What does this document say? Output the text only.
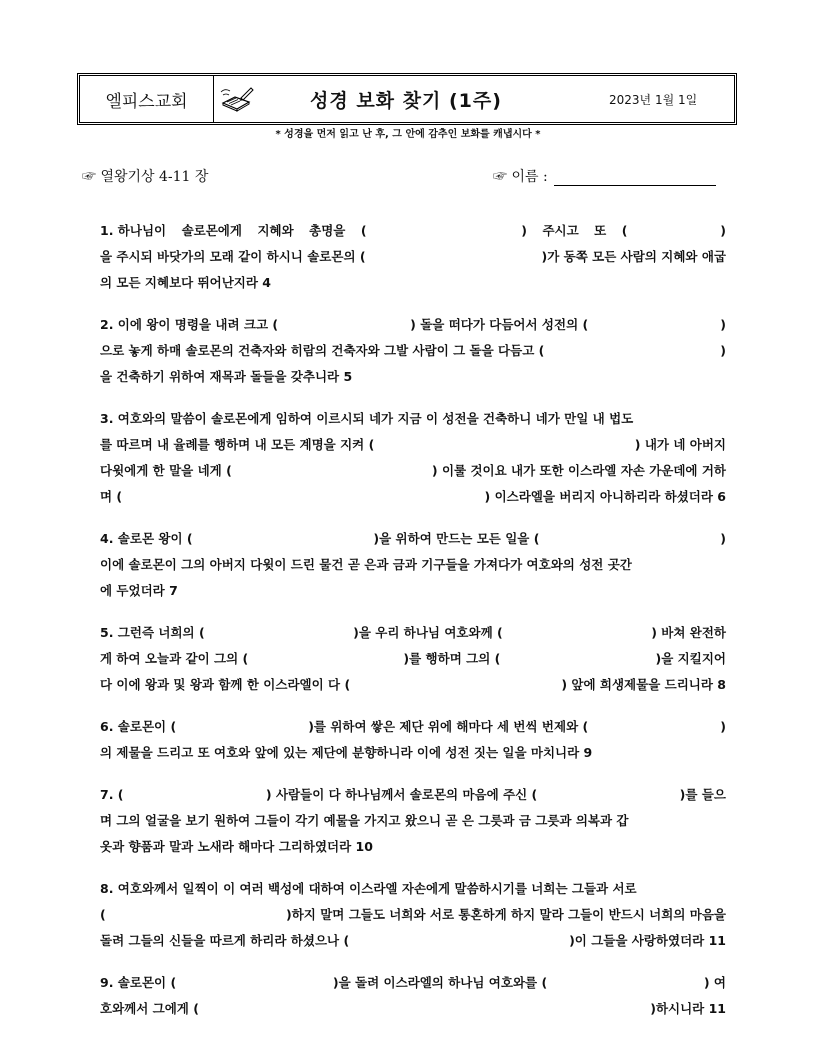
엘피스교회	성경 보화 찾기 (1주)	2023년 1월 1일
* 성경을 먼저 읽고 난 후, 그 안에 감추인 보화를 캐냅시다 *
☞ 열왕기상 4-11 장	☞ 이름 :
1. 하나님이 솔로몬에게 지혜와 총명을 (	) 주시고 또 (	)
을 주시되 바닷가의 모래 같이 하시니 솔로몬의 (	)가 동쪽 모든 사람의 지혜와 애굽
의 모든 지혜보다 뛰어난지라 4
2. 이에 왕이 명령을 내려 크고 (	) 돌을 떠다가 다듬어서 성전의 (	)
으로 놓게 하매 솔로몬의 건축자와 히람의 건축자와 그발 사람이 그 돌을 다듬고 (	)
을 건축하기 위하여 재목과 돌들을 갖추니라 5
3. 여호와의 말씀이 솔로몬에게 임하여 이르시되 네가 지금 이 성전을 건축하니 네가 만일 내 법도
를 따르며 내 율례를 행하며 내 모든 계명을 지켜 (	) 내가 네 아버지
다윗에게 한 말을 네게 (	) 이룰 것이요 내가 또한 이스라엘 자손 가운데에 거하
며 (	) 이스라엘을 버리지 아니하리라 하셨더라 6
4. 솔로몬 왕이 (	)을 위하여 만드는 모든 일을 (	)
이에 솔로몬이 그의 아버지 다윗이 드린 물건 곧 은과 금과 기구들을 가져다가 여호와의 성전 곳간
에 두었더라 7
5. 그런즉 너희의 (	)을 우리 하나님 여호와께 (	) 바쳐 완전하
게 하여 오늘과 같이 그의 (	)를 행하며 그의 (	)을 지킬지어
다 이에 왕과 및 왕과 함께 한 이스라엘이 다 (	) 앞에 희생제물을 드리니라 8
6. 솔로몬이 (	)를 위하여 쌓은 제단 위에 해마다 세 번씩 번제와 (	)
의 제물을 드리고 또 여호와 앞에 있는 제단에 분향하니라 이에 성전 짓는 일을 마치니라 9
7. (	) 사람들이 다 하나님께서 솔로몬의 마음에 주신 (	)를 들으
며 그의 얼굴을 보기 원하여 그들이 각기 예물을 가지고 왔으니 곧 은 그릇과 금 그릇과 의복과 갑
옷과 향품과 말과 노새라 해마다 그리하였더라 10
8. 여호와께서 일찍이 이 여러 백성에 대하여 이스라엘 자손에게 말씀하시기를 너희는 그들과 서로
(	)하지 말며 그들도 너희와 서로 통혼하게 하지 말라 그들이 반드시 너희의 마음을
돌려 그들의 신들을 따르게 하리라 하셨으나 (	)이 그들을 사랑하였더라 11
9. 솔로몬이 (	)을 돌려 이스라엘의 하나님 여호와를 (	) 여
호와께서 그에게 (	)하시니라 11
